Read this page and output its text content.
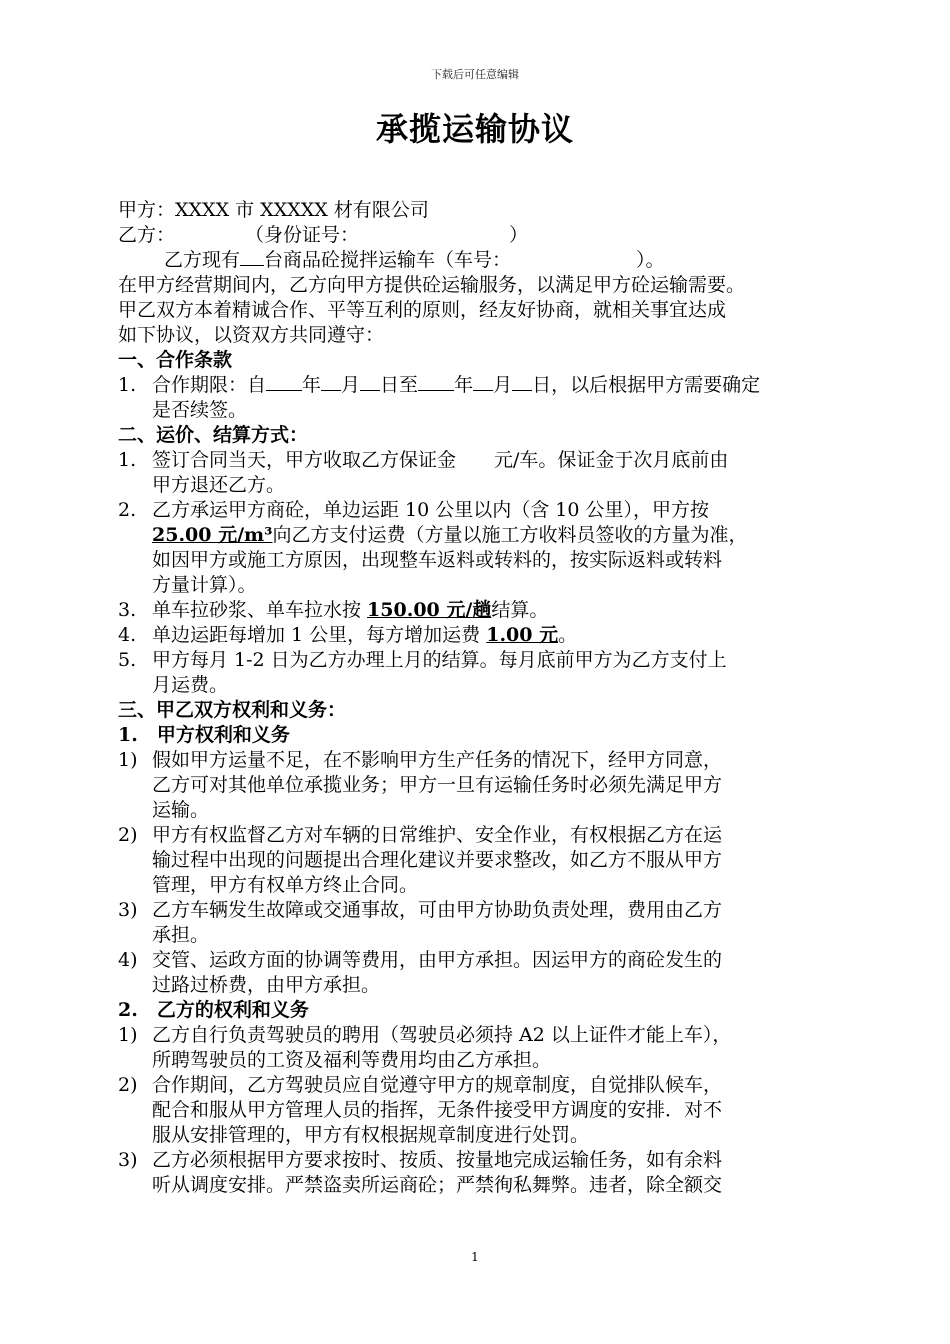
下载后可任意编辑
承揽运输协议
甲方：XXXX 市 XXXXX 材有限公司
乙方：	（身份证号：	）
乙方现有 台商品砼搅拌运输车（车号：	）。
在甲方经营期间内，乙方向甲方提供砼运输服务，以满足甲方砼运输需要。
甲乙双方本着精诚合作、平等互利的原则，经友好协商，就相关事宜达成
如下协议，以资双方共同遵守：
一、合作条款
1. 合作期限：自 年 月 日至 年 月 日，以后根据甲方需要确定
是否续签。
二、运价、结算方式：
1. 签订合同当天，甲方收取乙方保证金 元/车。保证金于次月底前由
甲方退还乙方。
2. 乙方承运甲方商砼，单边运距 10 公里以内（含 10 公里），甲方按
25.00 元/m³向乙方支付运费（方量以施工方收料员签收的方量为准，
如因甲方或施工方原因，出现整车返料或转料的，按实际返料或转料
方量计算）。
3. 单车拉砂浆、单车拉水按 150.00 元/趟结算。
4. 单边运距每增加 1 公里，每方增加运费 1.00 元。
5. 甲方每月 1-2 日为乙方办理上月的结算。每月底前甲方为乙方支付上
月运费。
三、甲乙双方权利和义务：
1.　甲方权利和义务
1) 假如甲方运量不足，在不影响甲方生产任务的情况下，经甲方同意，
乙方可对其他单位承揽业务；甲方一旦有运输任务时必须先满足甲方
运输。
2) 甲方有权监督乙方对车辆的日常维护、安全作业，有权根据乙方在运
输过程中出现的问题提出合理化建议并要求整改，如乙方不服从甲方
管理，甲方有权单方终止合同。
3) 乙方车辆发生故障或交通事故，可由甲方协助负责处理，费用由乙方
承担。
4) 交管、运政方面的协调等费用，由甲方承担。因运甲方的商砼发生的
过路过桥费，由甲方承担。
2.　乙方的权利和义务
1) 乙方自行负责驾驶员的聘用（驾驶员必须持 A2 以上证件才能上车），
所聘驾驶员的工资及福利等费用均由乙方承担。
2) 合作期间，乙方驾驶员应自觉遵守甲方的规章制度，自觉排队候车，
配合和服从甲方管理人员的指挥，无条件接受甲方调度的安排．对不
服从安排管理的，甲方有权根据规章制度进行处罚。
3) 乙方必须根据甲方要求按时、按质、按量地完成运输任务，如有余料
听从调度安排。严禁盗卖所运商砼；严禁徇私舞弊。违者，除全额交
1
